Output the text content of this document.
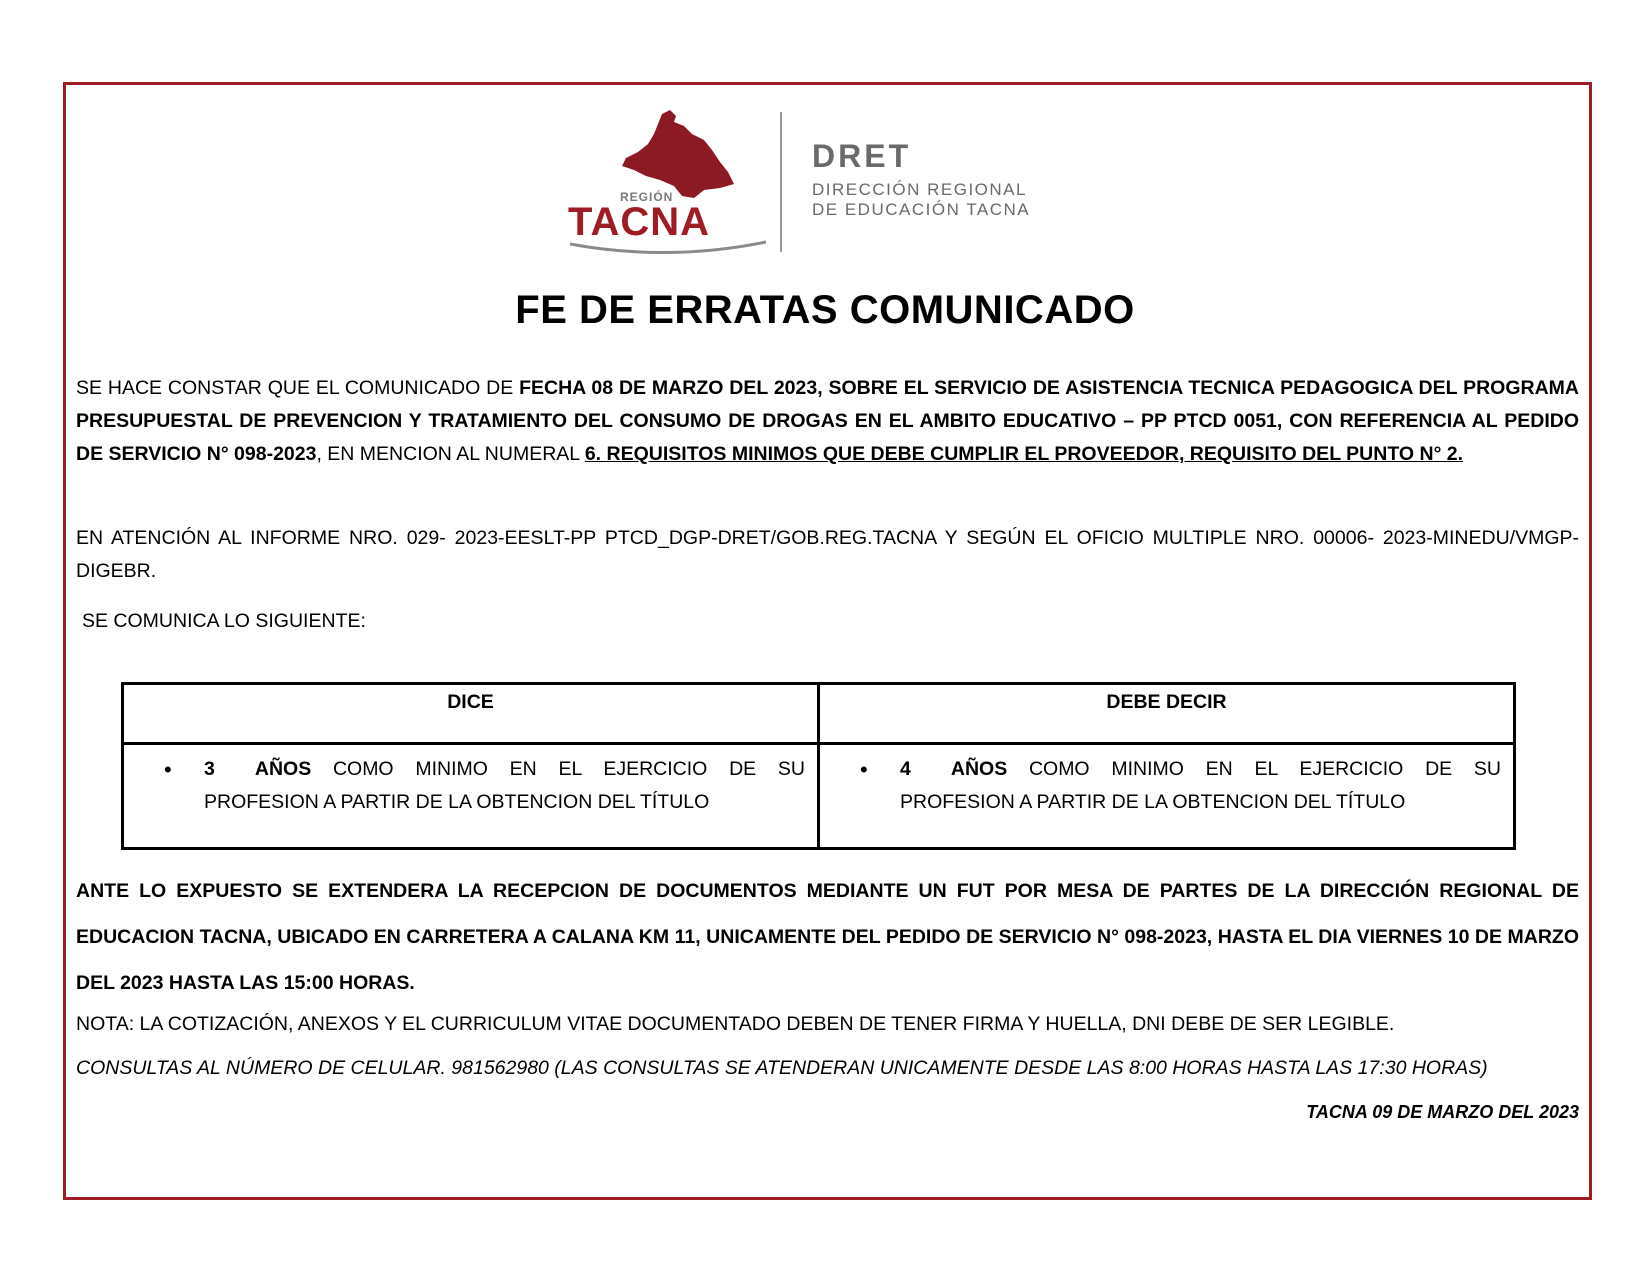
REGIÓN
TACNA
DRET
DIRECCIÓN REGIONAL
DE EDUCACIÓN TACNA
FE DE ERRATAS COMUNICADO

SE HACE CONSTAR QUE EL COMUNICADO DE FECHA 08 DE MARZO DEL 2023, SOBRE EL SERVICIO DE ASISTENCIA TECNICA PEDAGOGICA DEL PROGRAMA PRESUPUESTAL DE PREVENCION Y TRATAMIENTO DEL CONSUMO DE DROGAS EN EL AMBITO EDUCATIVO – PP PTCD 0051, CON REFERENCIA AL PEDIDO DE SERVICIO N° 098-2023, EN MENCION AL NUMERAL 6. REQUISITOS MINIMOS QUE DEBE CUMPLIR EL PROVEEDOR, REQUISITO DEL PUNTO N° 2.

EN ATENCIÓN AL INFORME NRO. 029- 2023-EESLT-PP PTCD_DGP-DRET/GOB.REG.TACNA Y SEGÚN EL OFICIO MULTIPLE NRO. 00006- 2023-MINEDU/VMGP-DIGEBR.

SE COMUNICA LO SIGUIENTE:

DICE	DEBE DECIR

• 3 AÑOS COMO MINIMO EN EL EJERCICIO DE SU PROFESION A PARTIR DE LA OBTENCION DEL TÍTULO	• 4 AÑOS COMO MINIMO EN EL EJERCICIO DE SU PROFESION A PARTIR DE LA OBTENCION DEL TÍTULO

ANTE LO EXPUESTO SE EXTENDERA LA RECEPCION DE DOCUMENTOS MEDIANTE UN FUT POR MESA DE PARTES DE LA DIRECCIÓN REGIONAL DE EDUCACION TACNA, UBICADO EN CARRETERA A CALANA KM 11, UNICAMENTE DEL PEDIDO DE SERVICIO N° 098-2023, HASTA EL DIA VIERNES 10 DE MARZO DEL 2023 HASTA LAS 15:00 HORAS.

NOTA: LA COTIZACIÓN, ANEXOS Y EL CURRICULUM VITAE DOCUMENTADO DEBEN DE TENER FIRMA Y HUELLA, DNI DEBE DE SER LEGIBLE.

CONSULTAS AL NÚMERO DE CELULAR. 981562980 (LAS CONSULTAS SE ATENDERAN UNICAMENTE DESDE LAS 8:00 HORAS HASTA LAS 17:30 HORAS)

TACNA 09 DE MARZO DEL 2023
